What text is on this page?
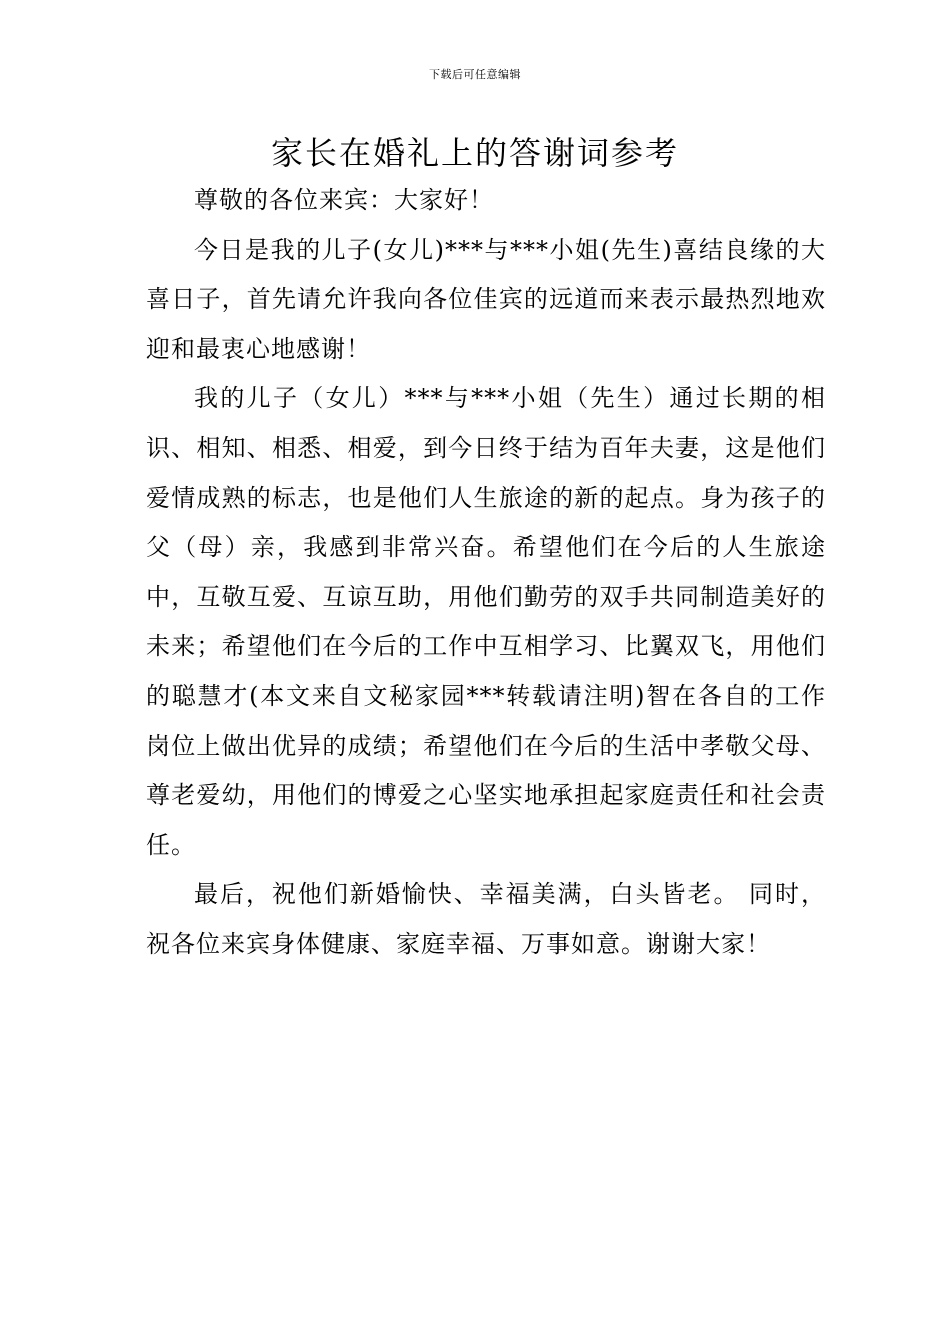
下载后可任意编辑
家长在婚礼上的答谢词参考

尊敬的各位来宾：大家好！

今日是我的儿子(女儿)***与***小姐(先生)喜结良缘的大喜日子，首先请允许我向各位佳宾的远道而来表示最热烈地欢迎和最衷心地感谢！

我的儿子（女儿）***与***小姐（先生）通过长期的相识、相知、相悉、相爱，到今日终于结为百年夫妻，这是他们爱情成熟的标志，也是他们人生旅途的新的起点。身为孩子的父（母）亲，我感到非常兴奋。希望他们在今后的人生旅途中，互敬互爱、互谅互助，用他们勤劳的双手共同制造美好的未来；希望他们在今后的工作中互相学习、比翼双飞，用他们的聪慧才(本文来自文秘家园***转载请注明)智在各自的工作岗位上做出优异的成绩；希望他们在今后的生活中孝敬父母、尊老爱幼，用他们的博爱之心坚实地承担起家庭责任和社会责任。

最后，祝他们新婚愉快、幸福美满，白头皆老。 同时，祝各位来宾身体健康、家庭幸福、万事如意。谢谢大家！
